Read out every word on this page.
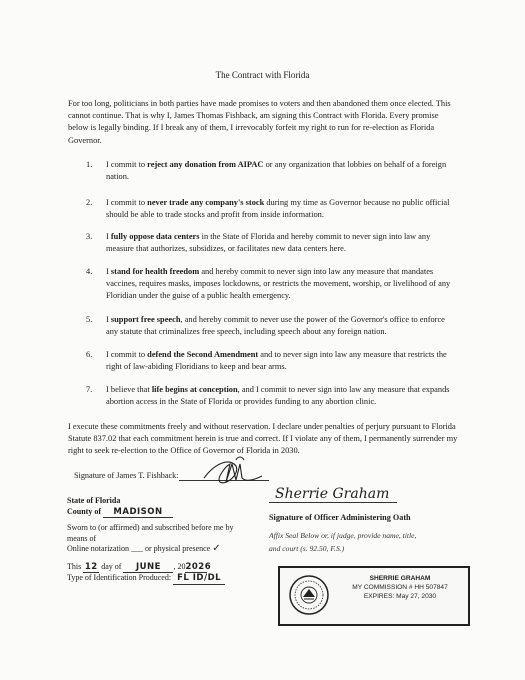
The Contract with Florida
For too long, politicians in both parties have made promises to voters and then abandoned them once elected. This cannot continue. That is why I, James Thomas Fishback, am signing this Contract with Florida. Every promise below is legally binding. If I break any of them, I irrevocably forfeit my right to run for re-election as Florida Governor.
1.	I commit to reject any donation from AIPAC or any organization that lobbies on behalf of a foreign nation.
2.	I commit to never trade any company's stock during my time as Governor because no public official should be able to trade stocks and profit from inside information.
3.	I fully oppose data centers in the State of Florida and hereby commit to never sign into law any measure that authorizes, subsidizes, or facilitates new data centers here.
4.	I stand for health freedom and hereby commit to never sign into law any measure that mandates vaccines, requires masks, imposes lockdowns, or restricts the movement, worship, or livelihood of any Floridian under the guise of a public health emergency.
5.	I support free speech, and hereby commit to never use the power of the Governor's office to enforce any statute that criminalizes free speech, including speech about any foreign nation.
6.	I commit to defend the Second Amendment and to never sign into law any measure that restricts the right of law-abiding Floridians to keep and bear arms.
7.	I believe that life begins at conception, and I commit to never sign into law any measure that expands abortion access in the State of Florida or provides funding to any abortion clinic.
I execute these commitments freely and without reservation. I declare under penalties of perjury pursuant to Florida Statute 837.02 that each commitment herein is true and correct. If I violate any of them, I permanently surrender my right to seek re-election to the Office of Governor of Florida in 2030.
Signature of James T. Fishback:
State of Florida
County of MADISON
Sworn to (or affirmed) and subscribed before me by
means of
Online notarization ___ or physical presence ✓
This 12 day of JUNE , 202026
Type of Identification Produced: FL ID/DL
Sherrie Graham
Signature of Officer Administering Oath
Affix Seal Below or, if judge, provide name, title,
and court (s. 92.50, F.S.)
SHERRIE GRAHAM
MY COMMISSION # HH 507847
EXPIRES: May 27, 2030
